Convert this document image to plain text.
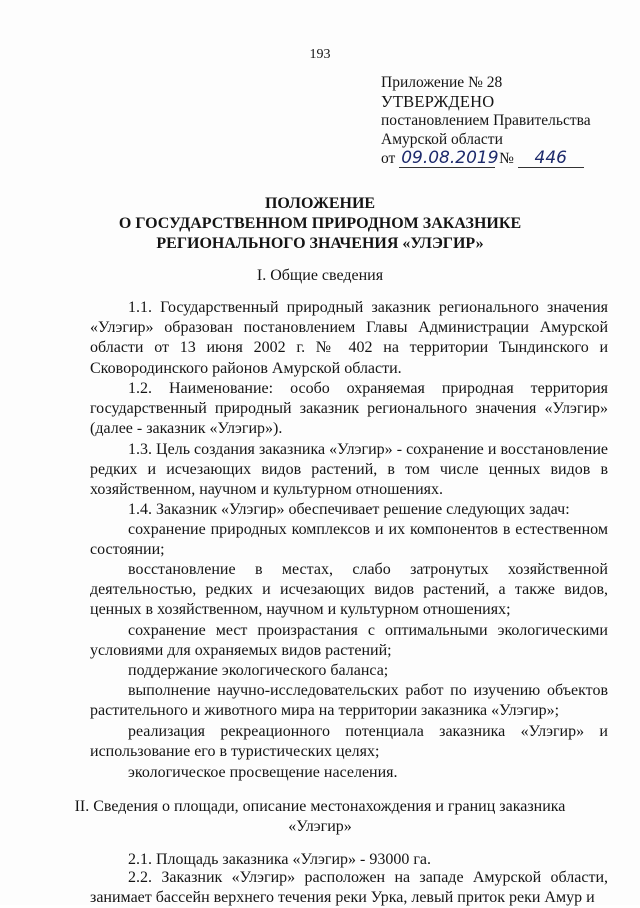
193
Приложение № 28
УТВЕРЖДЕНО
постановлением Правительства
Амурской области
от 09.08.2019 № 446
ПОЛОЖЕНИЕ
О ГОСУДАРСТВЕННОМ ПРИРОДНОМ ЗАКАЗНИКЕ
РЕГИОНАЛЬНОГО ЗНАЧЕНИЯ «УЛЭГИР»
I. Общие сведения
1.1. Государственный природный заказник регионального значения «Улэгир» образован постановлением Главы Администрации Амурской области от 13 июня 2002 г. № 402 на территории Тындинского и Сковородинского районов Амурской области.
1.2. Наименование: особо охраняемая природная территория государственный природный заказник регионального значения «Улэгир» (далее - заказник «Улэгир»).
1.3. Цель создания заказника «Улэгир» - сохранение и восстановление редких и исчезающих видов растений, в том числе ценных видов в хозяйственном, научном и культурном отношениях.
1.4. Заказник «Улэгир» обеспечивает решение следующих задач:
сохранение природных комплексов и их компонентов в естественном состоянии;
восстановление в местах, слабо затронутых хозяйственной деятельностью, редких и исчезающих видов растений, а также видов, ценных в хозяйственном, научном и культурном отношениях;
сохранение мест произрастания с оптимальными экологическими условиями для охраняемых видов растений;
поддержание экологического баланса;
выполнение научно-исследовательских работ по изучению объектов растительного и животного мира на территории заказника «Улэгир»;
реализация рекреационного потенциала заказника «Улэгир» и использование его в туристических целях;
экологическое просвещение населения.
II. Сведения о площади, описание местонахождения и границ заказника
«Улэгир»
2.1. Площадь заказника «Улэгир» - 93000 га.
2.2. Заказник «Улэгир» расположен на западе Амурской области, занимает бассейн верхнего течения реки Урка, левый приток реки Амур и
